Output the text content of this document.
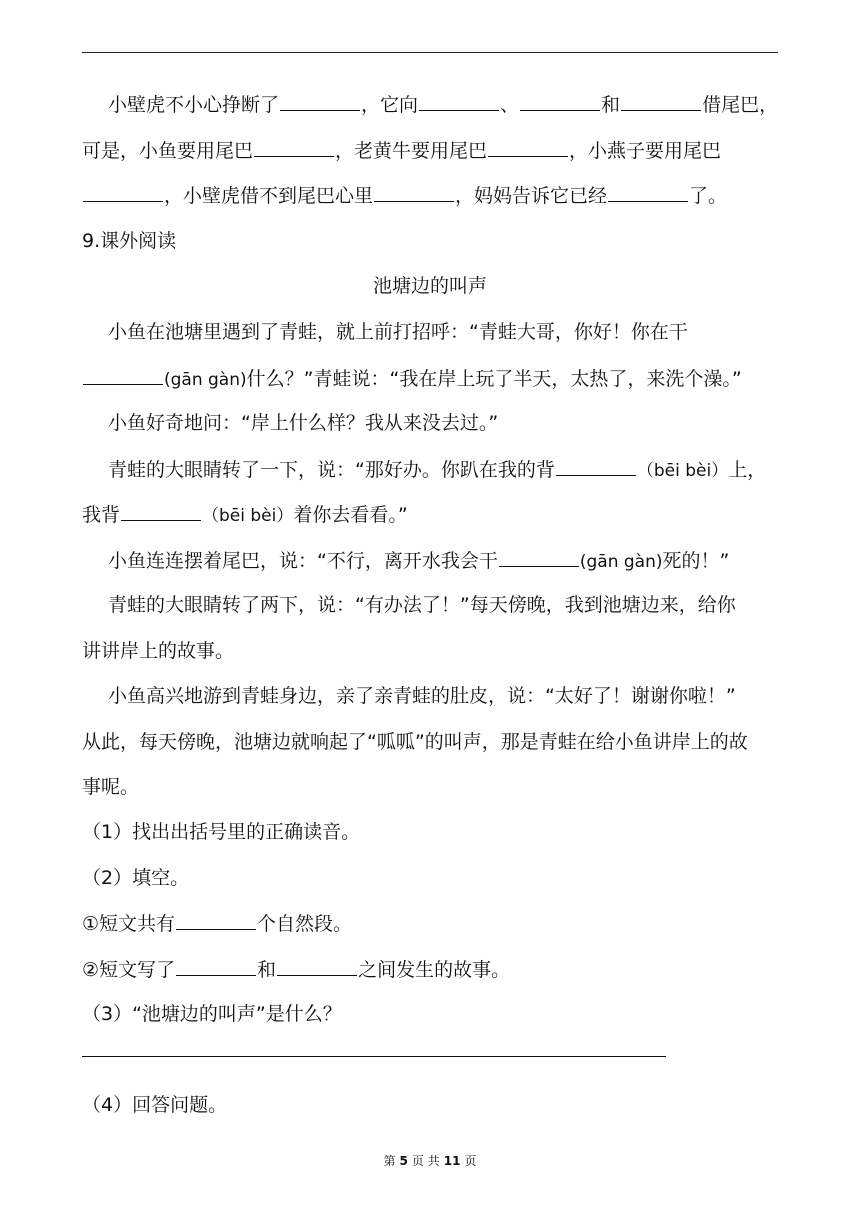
小壁虎不小心挣断了	，它向	、	和	借尾巴，
可是，小鱼要用尾巴	，老黄牛要用尾巴	，小燕子要用尾巴
，小壁虎借不到尾巴心里	，妈妈告诉它已经	了。
9.课外阅读
池塘边的叫声
小鱼在池塘里遇到了青蛙，就上前打招呼：“青蛙大哥，你好！你在干
(gān gàn)什么？”青蛙说：“我在岸上玩了半天，太热了，来洗个澡。”
小鱼好奇地问：“岸上什么样？我从来没去过。”
青蛙的大眼睛转了一下，说：“那好办。你趴在我的背	（bēi bèi）上，
我背	（bēi bèi）着你去看看。”
小鱼连连摆着尾巴，说：“不行，离开水我会干	(gān gàn)死的！”
青蛙的大眼睛转了两下，说：“有办法了！”每天傍晚，我到池塘边来，给你
讲讲岸上的故事。
小鱼高兴地游到青蛙身边，亲了亲青蛙的肚皮，说：“太好了！谢谢你啦！”
从此，每天傍晚，池塘边就响起了“呱呱”的叫声，那是青蛙在给小鱼讲岸上的故
事呢。
（1）找出出括号里的正确读音。
（2）填空。
①短文共有	个自然段。
②短文写了	和	之间发生的故事。
（3）“池塘边的叫声”是什么？
（4）回答问题。
第 5 页 共 11 页
